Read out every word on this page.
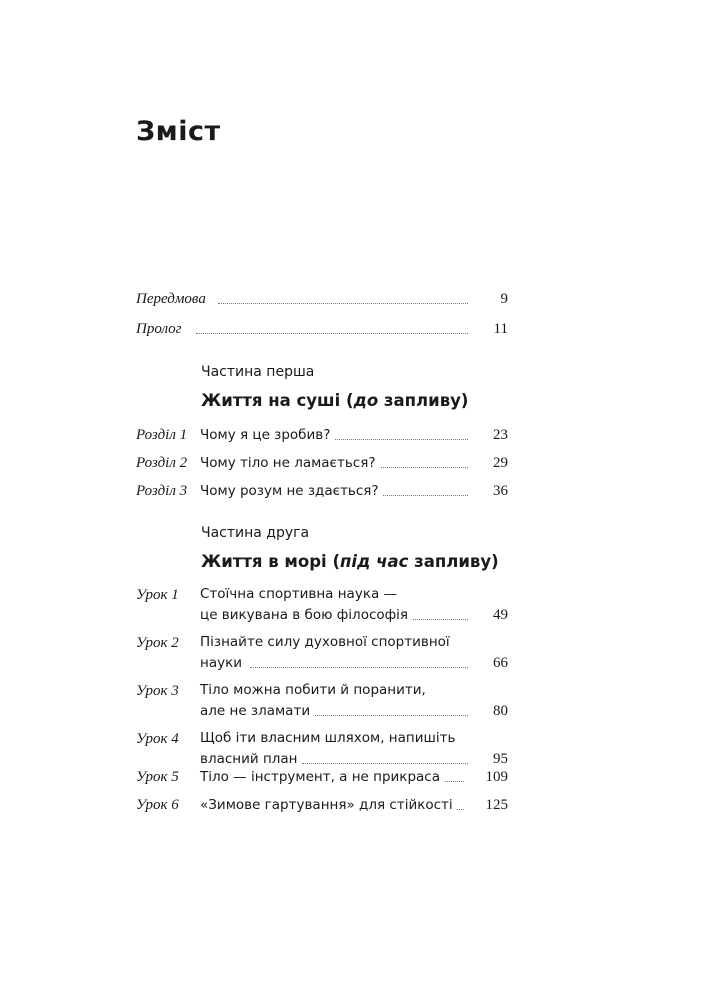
Зміст
Передмова	9
Пролог	11
Частина перша
Життя на суші (до запливу)
Розділ 1 Чому я це зробив?	23
Розділ 2 Чому тіло не ламається?	29
Розділ 3 Чому розум не здається?	36
Частина друга
Життя в морі (під час запливу)
Урок 1 Стоїчна спортивна наука —
це викувана в бою філософія	49
Урок 2 Пізнайте силу духовної спортивної
науки	66
Урок 3 Тіло можна побити й поранити,
але не зламати	80
Урок 4 Щоб іти власним шляхом, напишіть
власний план	95
Урок 5 Тіло — інструмент, а не прикраса	109
Урок 6 «Зимове гартування» для стійкості	125
